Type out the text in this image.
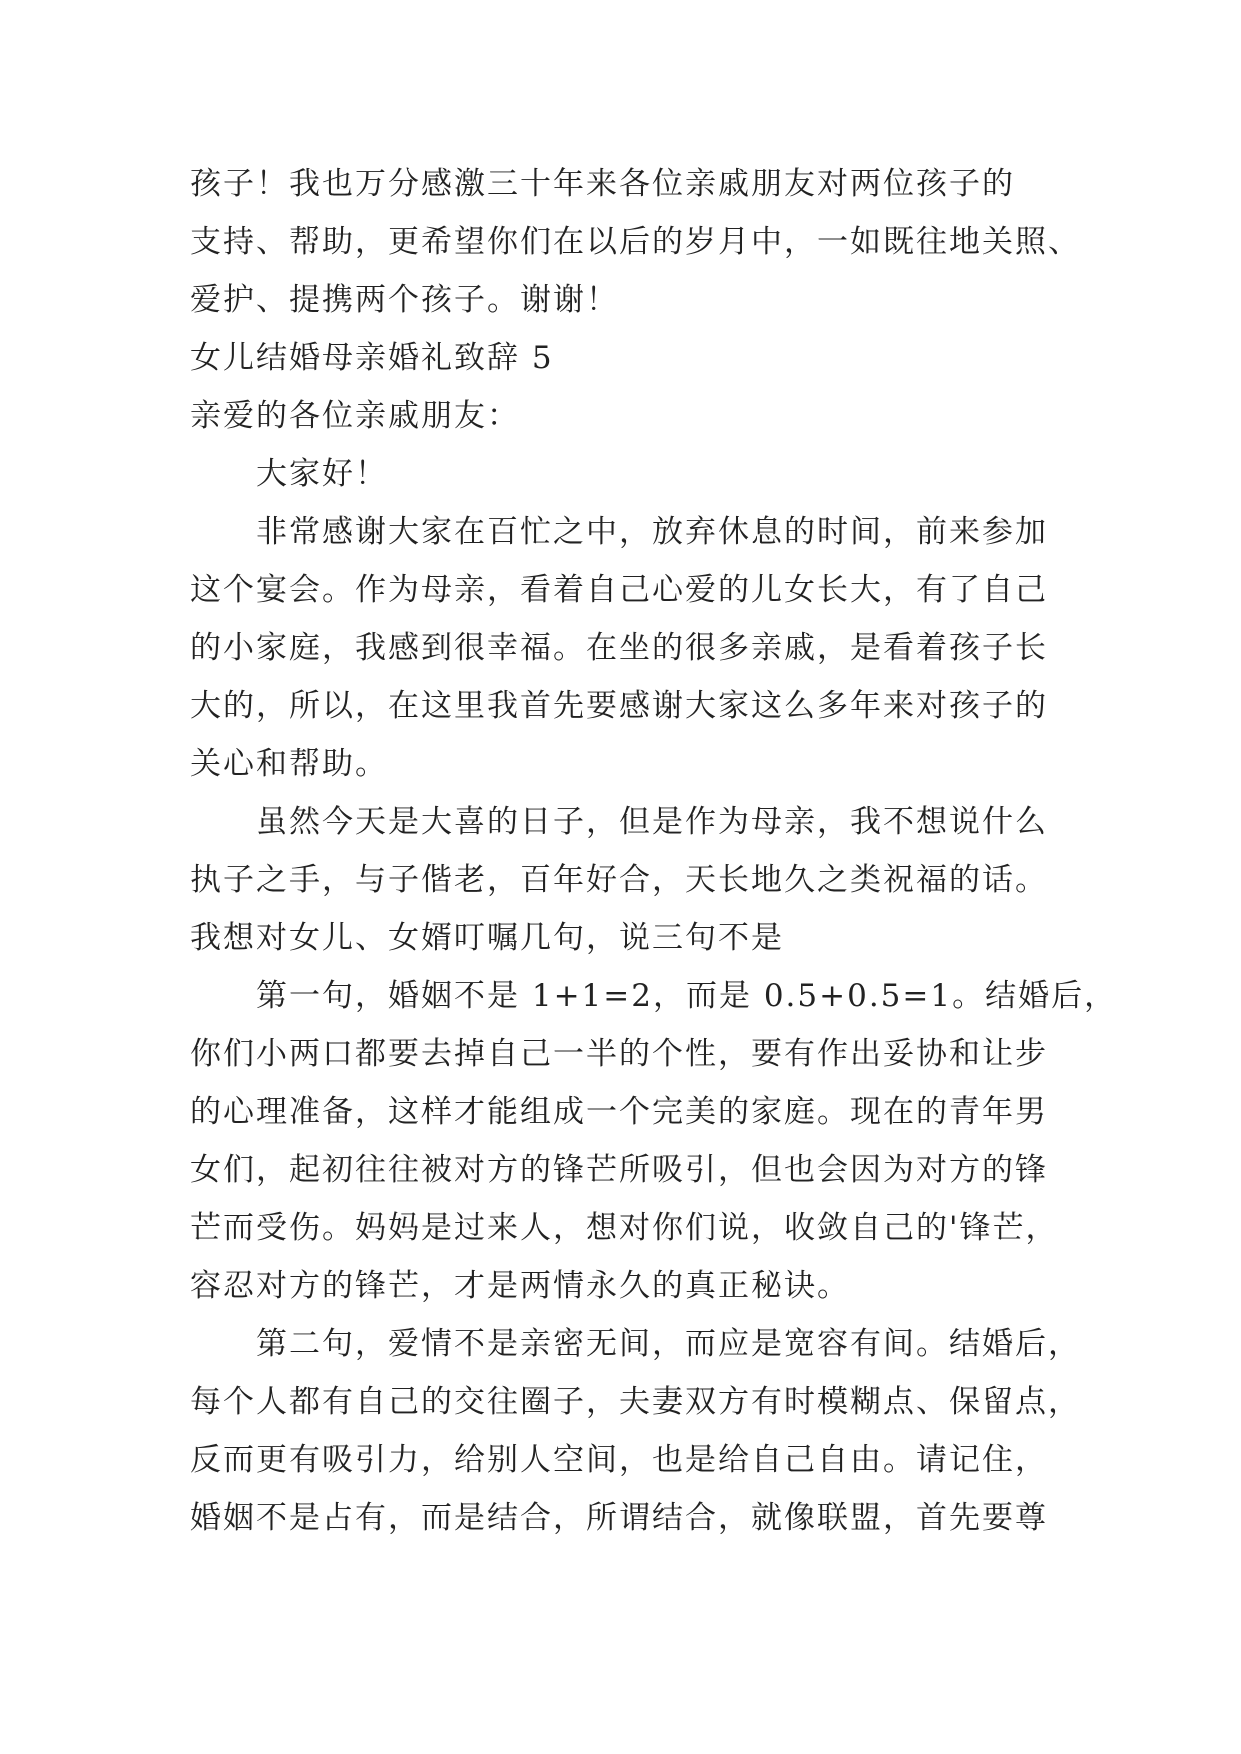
孩子！我也万分感激三十年来各位亲戚朋友对两位孩子的
支持、帮助，更希望你们在以后的岁月中，一如既往地关照、
爱护、提携两个孩子。谢谢！
女儿结婚母亲婚礼致辞 5
亲爱的各位亲戚朋友：
大家好！
非常感谢大家在百忙之中，放弃休息的时间，前来参加
这个宴会。作为母亲，看着自己心爱的儿女长大，有了自己
的小家庭，我感到很幸福。在坐的很多亲戚，是看着孩子长
大的，所以，在这里我首先要感谢大家这么多年来对孩子的
关心和帮助。
虽然今天是大喜的日子，但是作为母亲，我不想说什么
执子之手，与子偕老，百年好合，天长地久之类祝福的话。
我想对女儿、女婿叮嘱几句，说三句不是
第一句，婚姻不是 1+1=2，而是 0.5+0.5=1。结婚后，
你们小两口都要去掉自己一半的个性，要有作出妥协和让步
的心理准备，这样才能组成一个完美的家庭。现在的青年男
女们，起初往往被对方的锋芒所吸引，但也会因为对方的锋
芒而受伤。妈妈是过来人，想对你们说，收敛自己的'锋芒，
容忍对方的锋芒，才是两情永久的真正秘诀。
第二句，爱情不是亲密无间，而应是宽容有间。结婚后，
每个人都有自己的交往圈子，夫妻双方有时模糊点、保留点，
反而更有吸引力，给别人空间，也是给自己自由。请记住，
婚姻不是占有，而是结合，所谓结合，就像联盟，首先要尊
